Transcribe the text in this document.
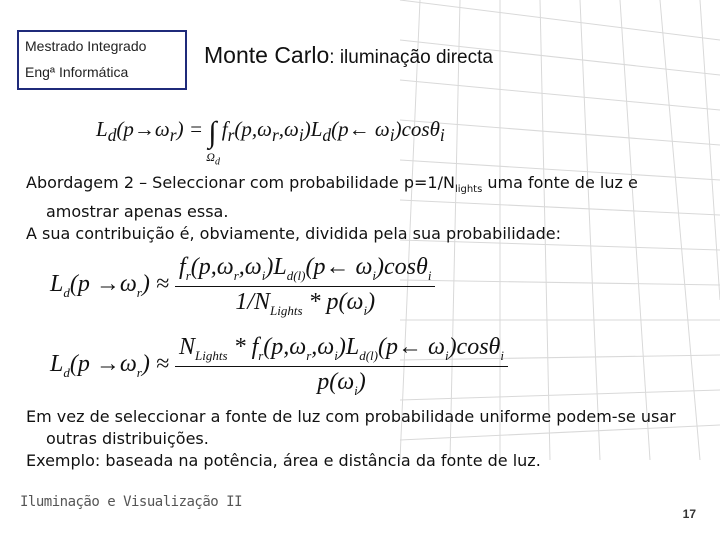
Mestrado Integrado
Engª Informática
Monte Carlo: iluminação directa
$L_d(p\to\omega_r)$ = ∫
$\Omega_d$
$f_r(p,\omega_r,\omega_i)L_d(p\leftarrow$ $\omega_i)\cos\theta_i$
Abordagem 2 – Seleccionar com probabilidade $p=1/N_{lights}$ uma fonte de luz e
amostrar apenas essa.
A sua contribuição é, obviamente, dividida pela sua probabilidade:
$L_d(p \to\omega_r) \approx \frac{f_r(p,\omega_r,\omega_i)L_{d(l)}(p\leftarrow \omega_i)\cos\theta_i}{1/N_{Lights} * p(\omega_i)}$
$L_d(p \to\omega_r) \approx \frac{N_{Lights} * f_r(p,\omega_r,\omega_i)L_{d(l)}(p\leftarrow \omega_i)\cos\theta_i}{p(\omega_i)}$
Em vez de seleccionar a fonte de luz com probabilidade uniforme podem-se usar
outras distribuições.
Exemplo: baseada na potência, área e distância da fonte de luz.
Iluminação e Visualização II
17
